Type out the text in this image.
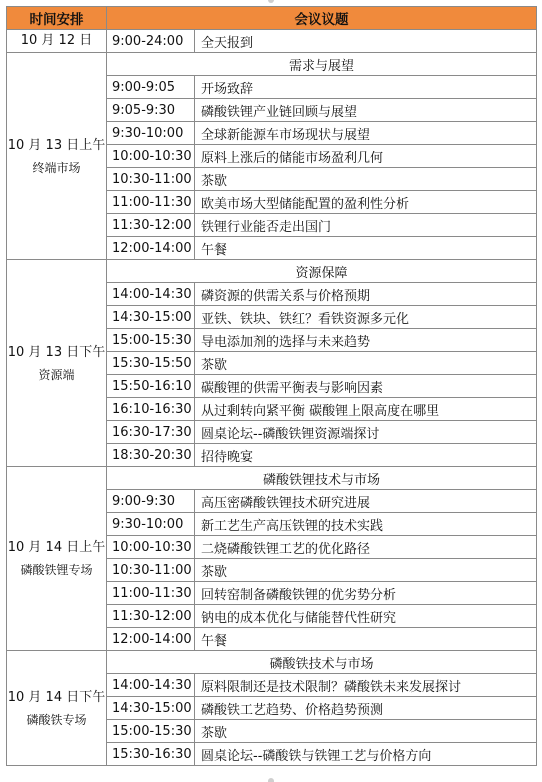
时间安排	会议议题	
10 月 12 日	9:00-24:00	全天报到
10 月 13 日上午
终端市场	需求与展望	
	9:00-9:05	开场致辞
	9:05-9:30	磷酸铁锂产业链回顾与展望
	9:30-10:00	全球新能源车市场现状与展望
	10:00-10:30	原料上涨后的储能市场盈利几何
	10:30-11:00	茶歇
	11:00-11:30	欧美市场大型储能配置的盈利性分析
	11:30-12:00	铁锂行业能否走出国门
	12:00-14:00	午餐
10 月 13 日下午
资源端	资源保障	
	14:00-14:30	磷资源的供需关系与价格预期
	14:30-15:00	亚铁、铁块、铁红？看铁资源多元化
	15:00-15:30	导电添加剂的选择与未来趋势
	15:30-15:50	茶歇
	15:50-16:10	碳酸锂的供需平衡表与影响因素
	16:10-16:30	从过剩转向紧平衡 碳酸锂上限高度在哪里
	16:30-17:30	圆桌论坛--磷酸铁锂资源端探讨
	18:30-20:30	招待晚宴
10 月 14 日上午
磷酸铁锂专场	磷酸铁锂技术与市场	
	9:00-9:30	高压密磷酸铁锂技术研究进展
	9:30-10:00	新工艺生产高压铁锂的技术实践
	10:00-10:30	二烧磷酸铁锂工艺的优化路径
	10:30-11:00	茶歇
	11:00-11:30	回转窑制备磷酸铁锂的优劣势分析
	11:30-12:00	钠电的成本优化与储能替代性研究
	12:00-14:00	午餐
10 月 14 日下午
磷酸铁专场	磷酸铁技术与市场	
	14:00-14:30	原料限制还是技术限制？磷酸铁未来发展探讨
	14:30-15:00	磷酸铁工艺趋势、价格趋势预测
	15:00-15:30	茶歇
	15:30-16:30	圆桌论坛--磷酸铁与铁锂工艺与价格方向
